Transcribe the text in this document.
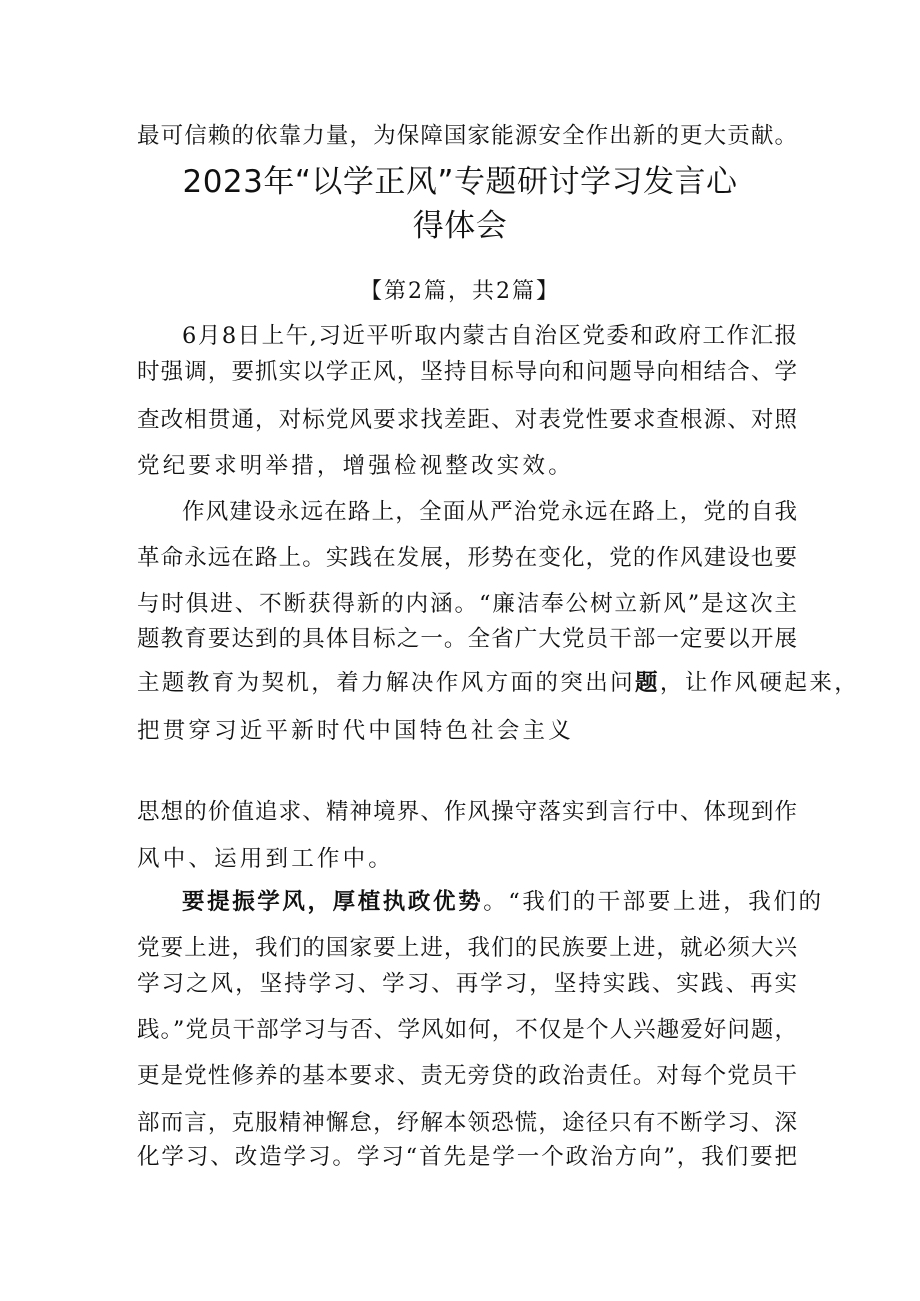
最可信赖的依靠力量，为保障国家能源安全作出新的更大贡献。
2023年“以学正风”专题研讨学习发言心
得体会
【第2篇，共2篇】
6月8日上午,习近平听取内蒙古自治区党委和政府工作汇报
时强调，要抓实以学正风，坚持目标导向和问题导向相结合、学
查改相贯通，对标党风要求找差距、对表党性要求查根源、对照
党纪要求明举措，增强检视整改实效。
作风建设永远在路上，全面从严治党永远在路上，党的自我
革命永远在路上。实践在发展，形势在变化，党的作风建设也要
与时俱进、不断获得新的内涵。“廉洁奉公树立新风”是这次主
题教育要达到的具体目标之一。全省广大党员干部一定要以开展
主题教育为契机，着力解决作风方面的突出问题，让作风硬起来，
把贯穿习近平新时代中国特色社会主义
思想的价值追求、精神境界、作风操守落实到言行中、体现到作
风中、运用到工作中。
要提振学风，厚植执政优势。“我们的干部要上进，我们的
党要上进，我们的国家要上进，我们的民族要上进，就必须大兴
学习之风，坚持学习、学习、再学习，坚持实践、实践、再实
践。”党员干部学习与否、学风如何，不仅是个人兴趣爱好问题，
更是党性修养的基本要求、责无旁贷的政治责任。对每个党员干
部而言，克服精神懈怠，纾解本领恐慌，途径只有不断学习、深
化学习、改造学习。学习“首先是学一个政治方向”，我们要把
